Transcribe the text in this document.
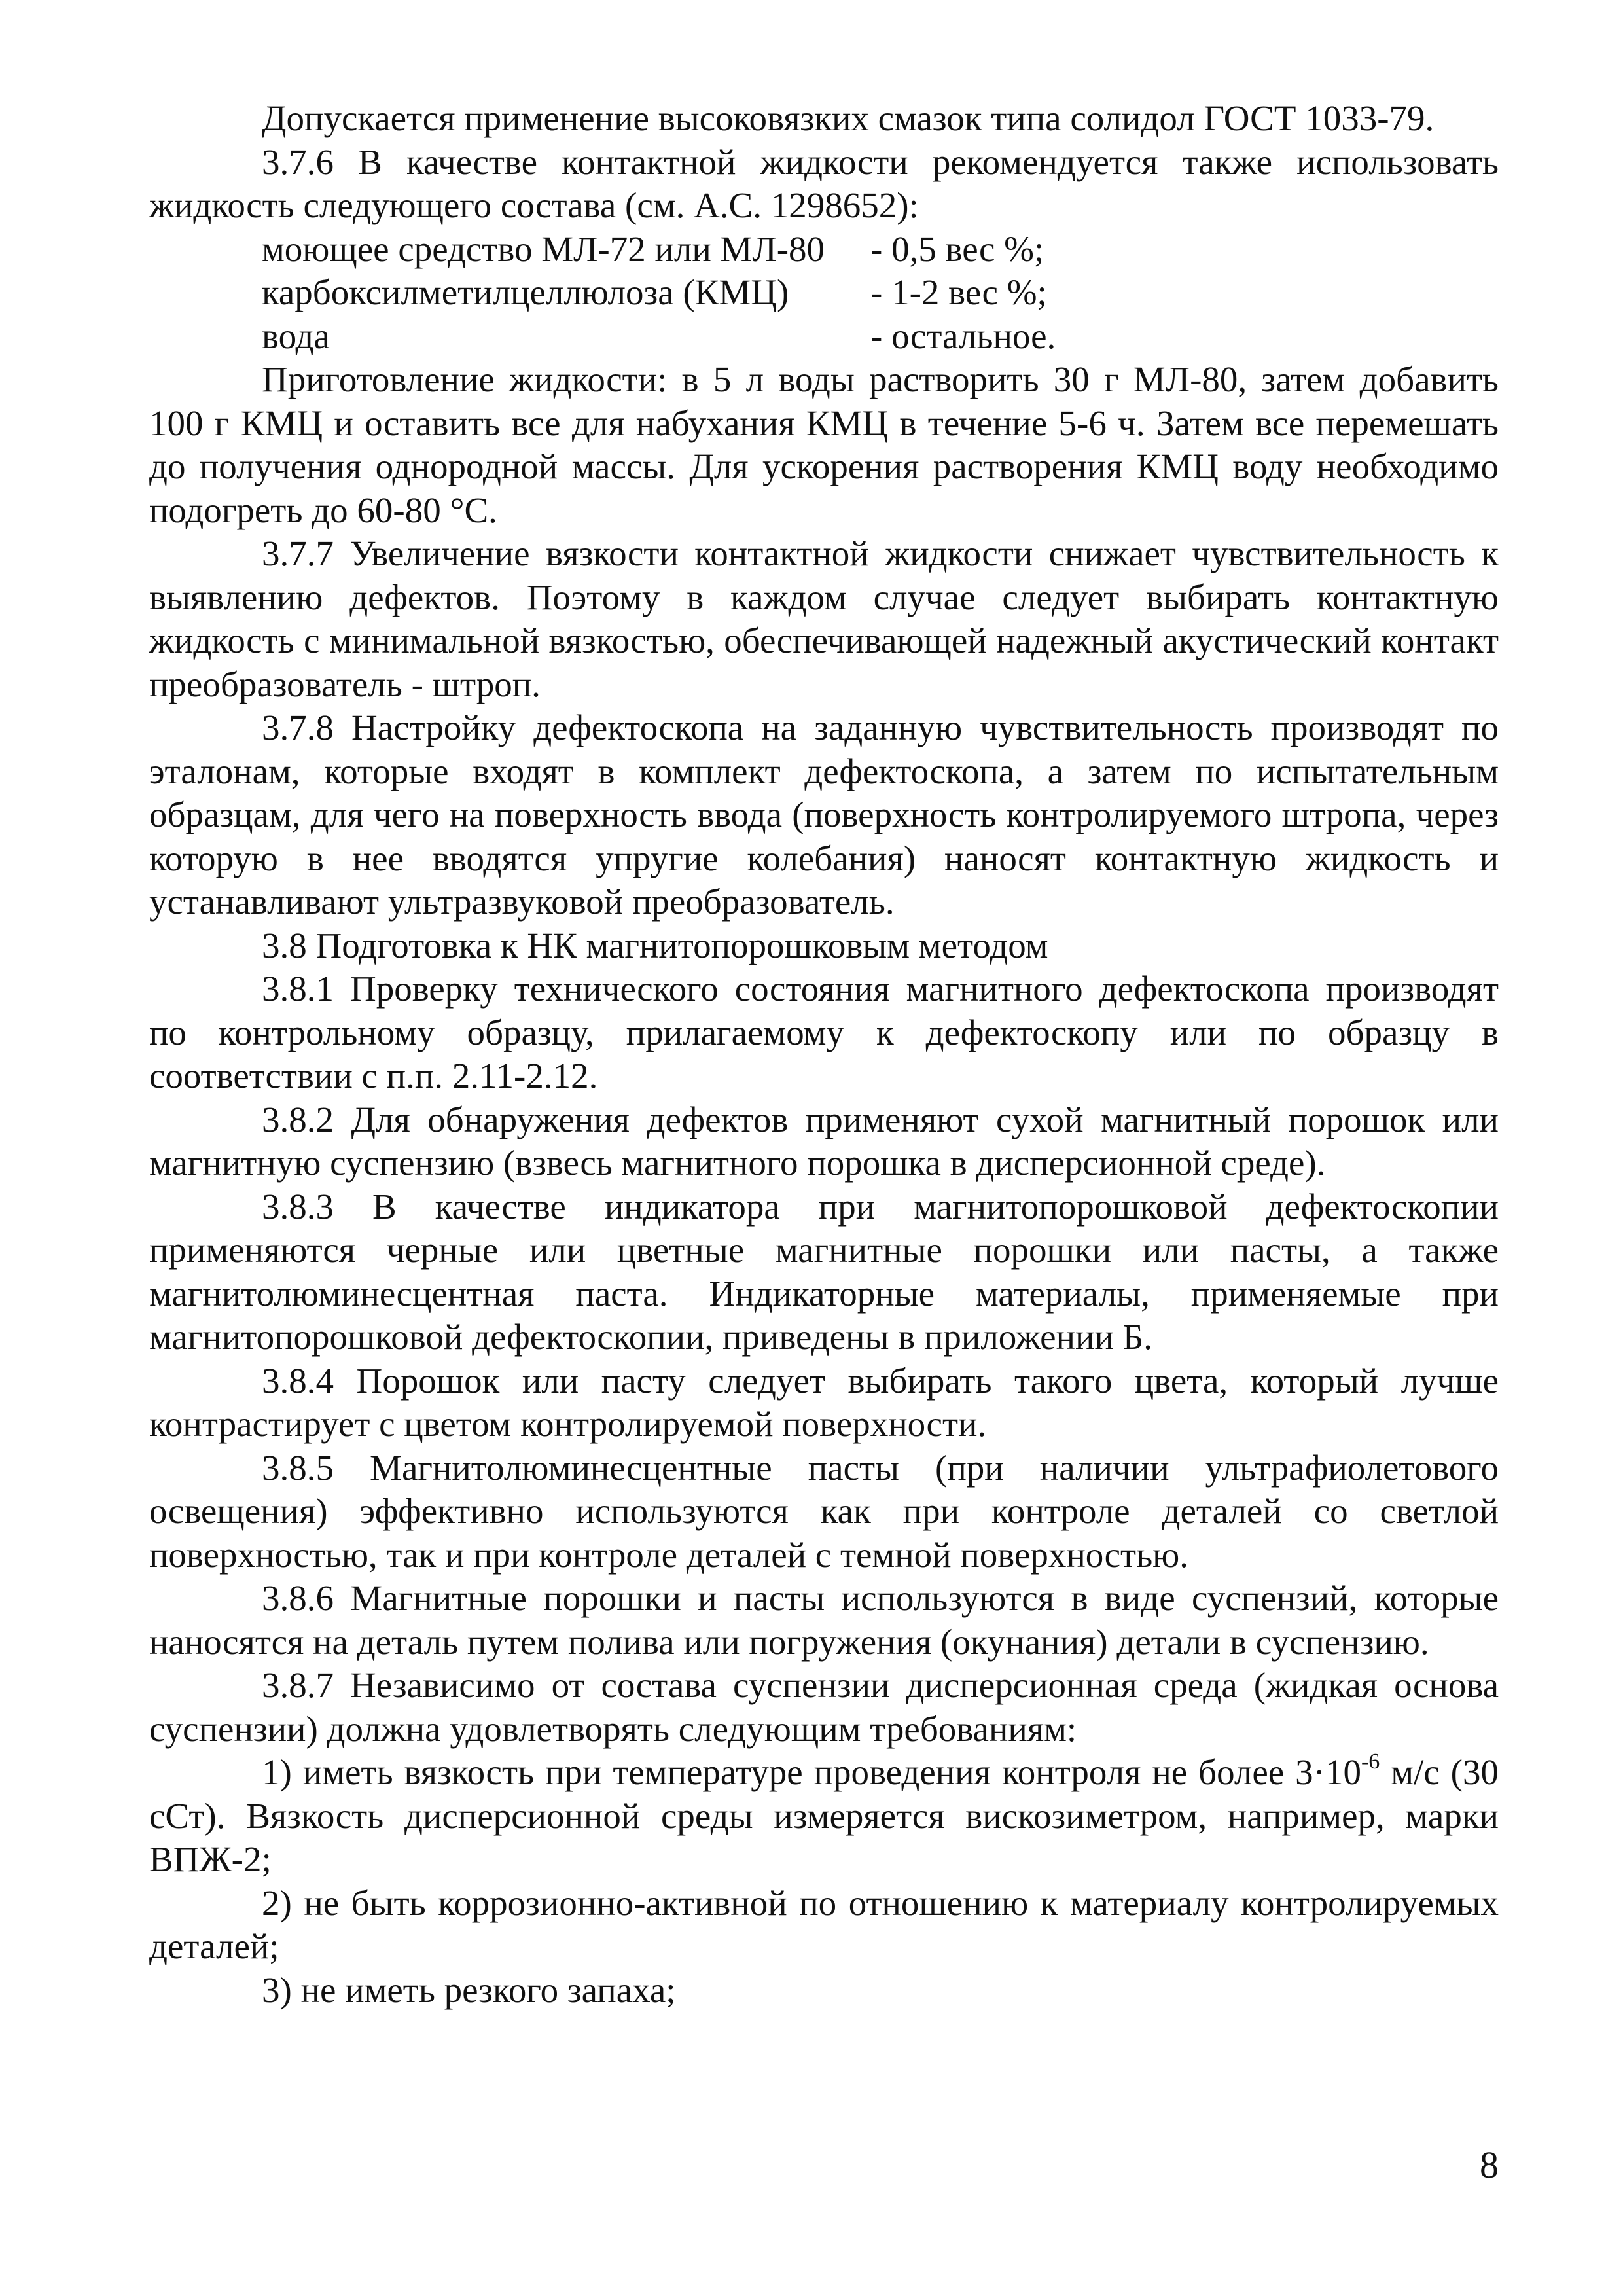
Допускается применение высоковязких смазок типа солидол ГОСТ 1033-79.

3.7.6 В качестве контактной жидкости рекомендуется также использовать жидкость следующего состава (см. А.С. 1298652):

моющее средство МЛ-72 или МЛ-80	- 0,5 вес %;
карбоксилметилцеллюлоза (КМЦ)	- 1-2 вес %;
вода	- остальное.

Приготовление жидкости: в 5 л воды растворить 30 г МЛ-80, затем добавить 100 г КМЦ и оставить все для набухания КМЦ в течение 5-6 ч. Затем все перемешать до получения однородной массы. Для ускорения растворения КМЦ воду необходимо подогреть до 60-80 °С.

3.7.7 Увеличение вязкости контактной жидкости снижает чувствительность к выявлению дефектов. Поэтому в каждом случае следует выбирать контактную жидкость с минимальной вязкостью, обеспечивающей надежный акустический контакт преобразователь - штроп.

3.7.8 Настройку дефектоскопа на заданную чувствительность производят по эталонам, которые входят в комплект дефектоскопа, а затем по испытательным образцам, для чего на поверхность ввода (поверхность контролируемого штропа, через которую в нее вводятся упругие колебания) наносят контактную жидкость и устанавливают ультразвуковой преобразователь.

3.8 Подготовка к НК магнитопорошковым методом

3.8.1 Проверку технического состояния магнитного дефектоскопа производят по контрольному образцу, прилагаемому к дефектоскопу или по образцу в соответствии с п.п. 2.11-2.12.

3.8.2 Для обнаружения дефектов применяют сухой магнитный порошок или магнитную суспензию (взвесь магнитного порошка в дисперсионной среде).

3.8.3 В качестве индикатора при магнитопорошковой дефектоскопии применяются черные или цветные магнитные порошки или пасты, а также магнитолюминесцентная паста. Индикаторные материалы, применяемые при магнитопорошковой дефектоскопии, приведены в приложении Б.

3.8.4 Порошок или пасту следует выбирать такого цвета, который лучше контрастирует с цветом контролируемой поверхности.

3.8.5 Магнитолюминесцентные пасты (при наличии ультрафиолетового освещения) эффективно используются как при контроле деталей со светлой поверхностью, так и при контроле деталей с темной поверхностью.

3.8.6 Магнитные порошки и пасты используются в виде суспензий, которые наносятся на деталь путем полива или погружения (окунания) детали в суспензию.

3.8.7 Независимо от состава суспензии дисперсионная среда (жидкая основа суспензии) должна удовлетворять следующим требованиям:

1) иметь вязкость при температуре проведения контроля не более $3\cdot 10^{-6}$ м/с (30 сСт). Вязкость дисперсионной среды измеряется вискозиметром, например, марки ВПЖ-2;

2) не быть коррозионно-активной по отношению к материалу контролируемых деталей;

3) не иметь резкого запаха;

8
